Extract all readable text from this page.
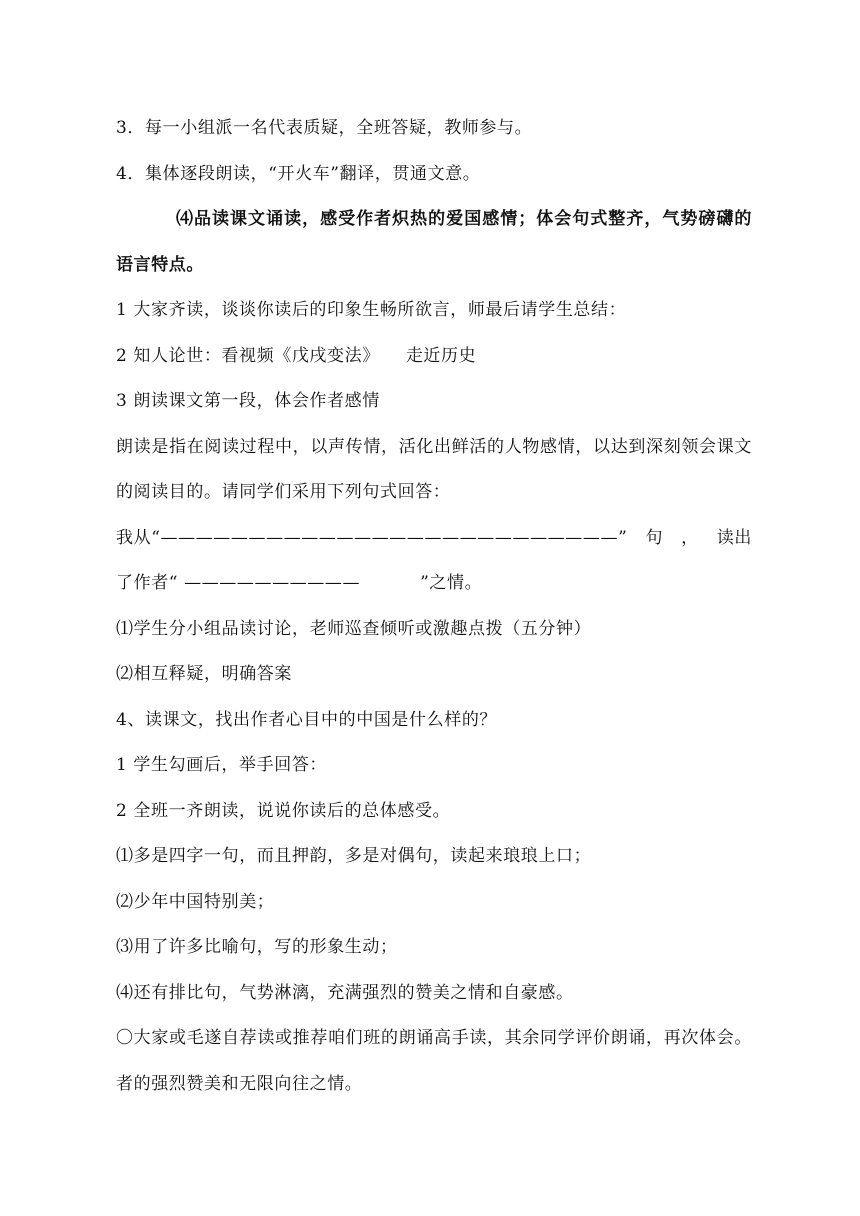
3．每一小组派一名代表质疑，全班答疑，教师参与。
4．集体逐段朗读，“开火车”翻译，贯通文意。
⑷品读课文诵读，感受作者炽热的爱国感情；体会句式整齐，气势磅礴的语言特点。
1 大家齐读，谈谈你读后的印象生畅所欲言，师最后请学生总结：
2 知人论世：看视频《戊戌变法》 走近历史
3 朗读课文第一段，体会作者感情
朗读是指在阅读过程中，以声传情，活化出鲜活的人物感情，以达到深刻领会课文的阅读目的。请同学们采用下列句式回答：
我从“——————————————————————————” 句 ， 读出
了作者“ ——————————	”之情。
⑴学生分小组品读讨论，老师巡查倾听或激趣点拨（五分钟）
⑵相互释疑，明确答案
4、读课文，找出作者心目中的中国是什么样的？
1 学生勾画后，举手回答：
2 全班一齐朗读，说说你读后的总体感受。
⑴多是四字一句，而且押韵，多是对偶句，读起来琅琅上口；
⑵少年中国特别美；
⑶用了许多比喻句，写的形象生动；
⑷还有排比句，气势淋漓，充满强烈的赞美之情和自豪感。
〇大家或毛遂自荐读或推荐咱们班的朗诵高手读，其余同学评价朗诵，再次体会。者的强烈赞美和无限向往之情。
